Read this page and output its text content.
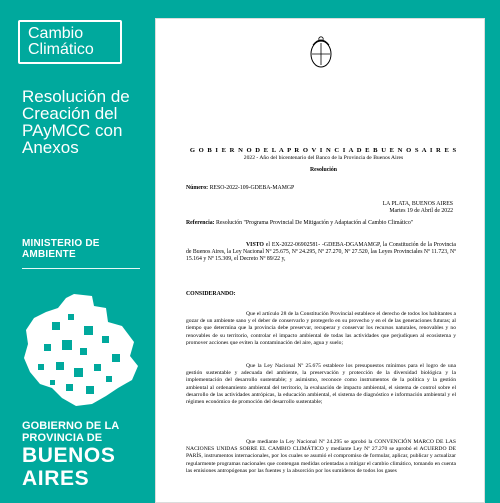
Cambio
Climático
Resolución de Creación del PAyMCC con Anexos
MINISTERIO DE
AMBIENTE
GOBIERNO DE LA
PROVINCIA DE
BUENOS
AIRES
G O B I E R N O D E L A P R O V I N C I A D E B U E N O S A I R E S
2022 - Año del bicentenario del Banco de la Provincia de Buenos Aires
Resolución
Número: RESO-2022-109-GDEBA-MAMGP
LA PLATA, BUENOS AIRES
Martes 19 de Abril de 2022
Referencia: Resolución "Programa Provincial De Mitigación y Adaptación al Cambio Climático"
VISTO el EX-2022-06902581- -GDEBA-DGAMAMGP, la Constitución de la Provincia de Buenos Aires, la Ley Nacional Nº 25.675, Nº 24.295, Nº 27.270, Nº 27.520, las Leyes Provinciales Nº 11.723, Nº 15.164 y Nº 15.309, el Decreto Nº 89/22 y,
CONSIDERANDO:
Que el artículo 28 de la Constitución Provincial establece el derecho de todos los habitantes a gozar de un ambiente sano y el deber de conservarlo y protegerlo en su provecho y en el de las generaciones futuras; al tiempo que determina que la provincia debe preservar, recuperar y conservar los recursos naturales, renovables y no renovables de su territorio, controlar el impacto ambiental de todas las actividades que perjudiquen al ecosistema y promover acciones que eviten la contaminación del aire, agua y suelo;
Que la Ley Nacional Nº 25.675 establece los presupuestos mínimos para el logro de una gestión sustentable y adecuada del ambiente, la preservación y protección de la diversidad biológica y la implementación del desarrollo sustentable; y asimismo, reconoce como instrumentos de la política y la gestión ambiental al ordenamiento ambiental del territorio, la evaluación de impacto ambiental, el sistema de control sobre el desarrollo de las actividades antrópicas, la educación ambiental, el sistema de diagnóstico e información ambiental y el régimen económico de promoción del desarrollo sustentable;
Que mediante la Ley Nacional Nº 24.295 se aprobó la CONVENCIÓN MARCO DE LAS NACIONES UNIDAS SOBRE EL CAMBIO CLIMÁTICO y mediante Ley Nº 27.270 se aprobó el ACUERDO DE PARÍS, instrumentos internacionales, por los cuales se asumió el compromiso de formular, aplicar, publicar y actualizar regularmente programas nacionales que contengan medidas orientadas a mitigar el cambio climático, tomando en cuenta las emisiones antropógenas por las fuentes y la absorción por los sumideros de todos los gases
